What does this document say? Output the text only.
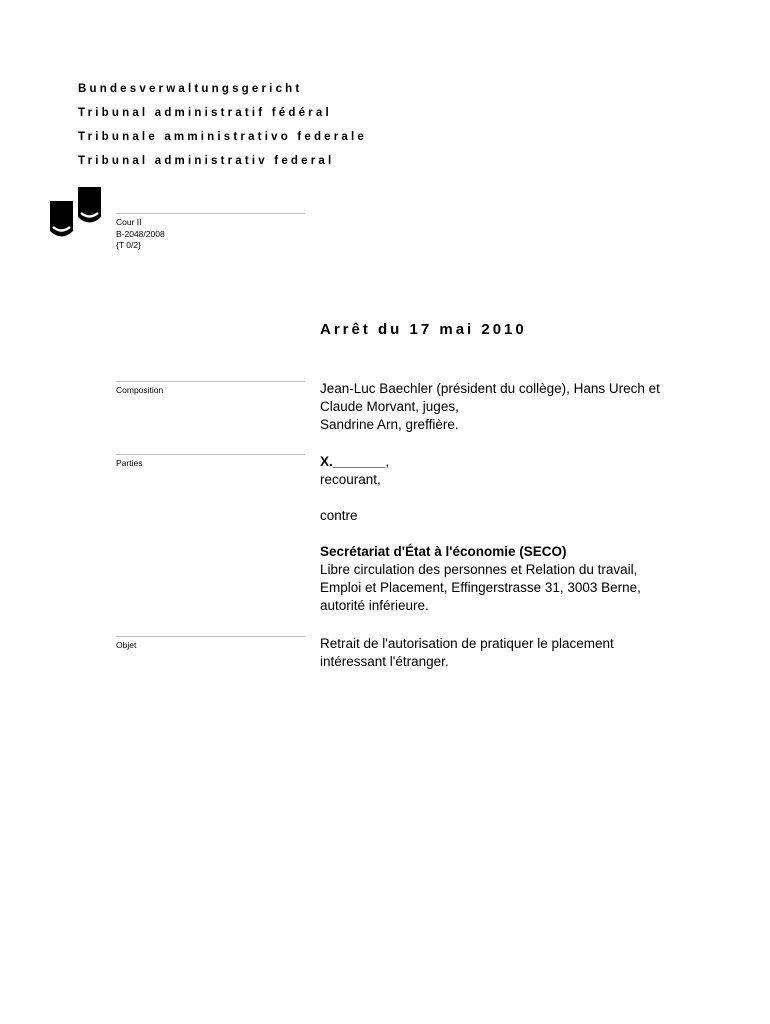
Bundesverwaltungsgericht
Tribunal administratif fédéral
Tribunale amministrativo federale
Tribunal administrativ federal
Cour II
B-2048/2008
{T 0/2}
Arrêt du 17 mai 2010
Composition	Jean-Luc Baechler (président du collège), Hans Urech et

Claude Morvant, juges,

Sandrine Arn, greffière.

Parties	X._______,

recourant,

contre

Secrétariat d'État à l'économie (SECO)

Libre circulation des personnes et Relation du travail,

Emploi et Placement, Effingerstrasse 31, 3003 Berne,

autorité inférieure.

Objet	Retrait de l'autorisation de pratiquer le placement

intéressant l'étranger.
